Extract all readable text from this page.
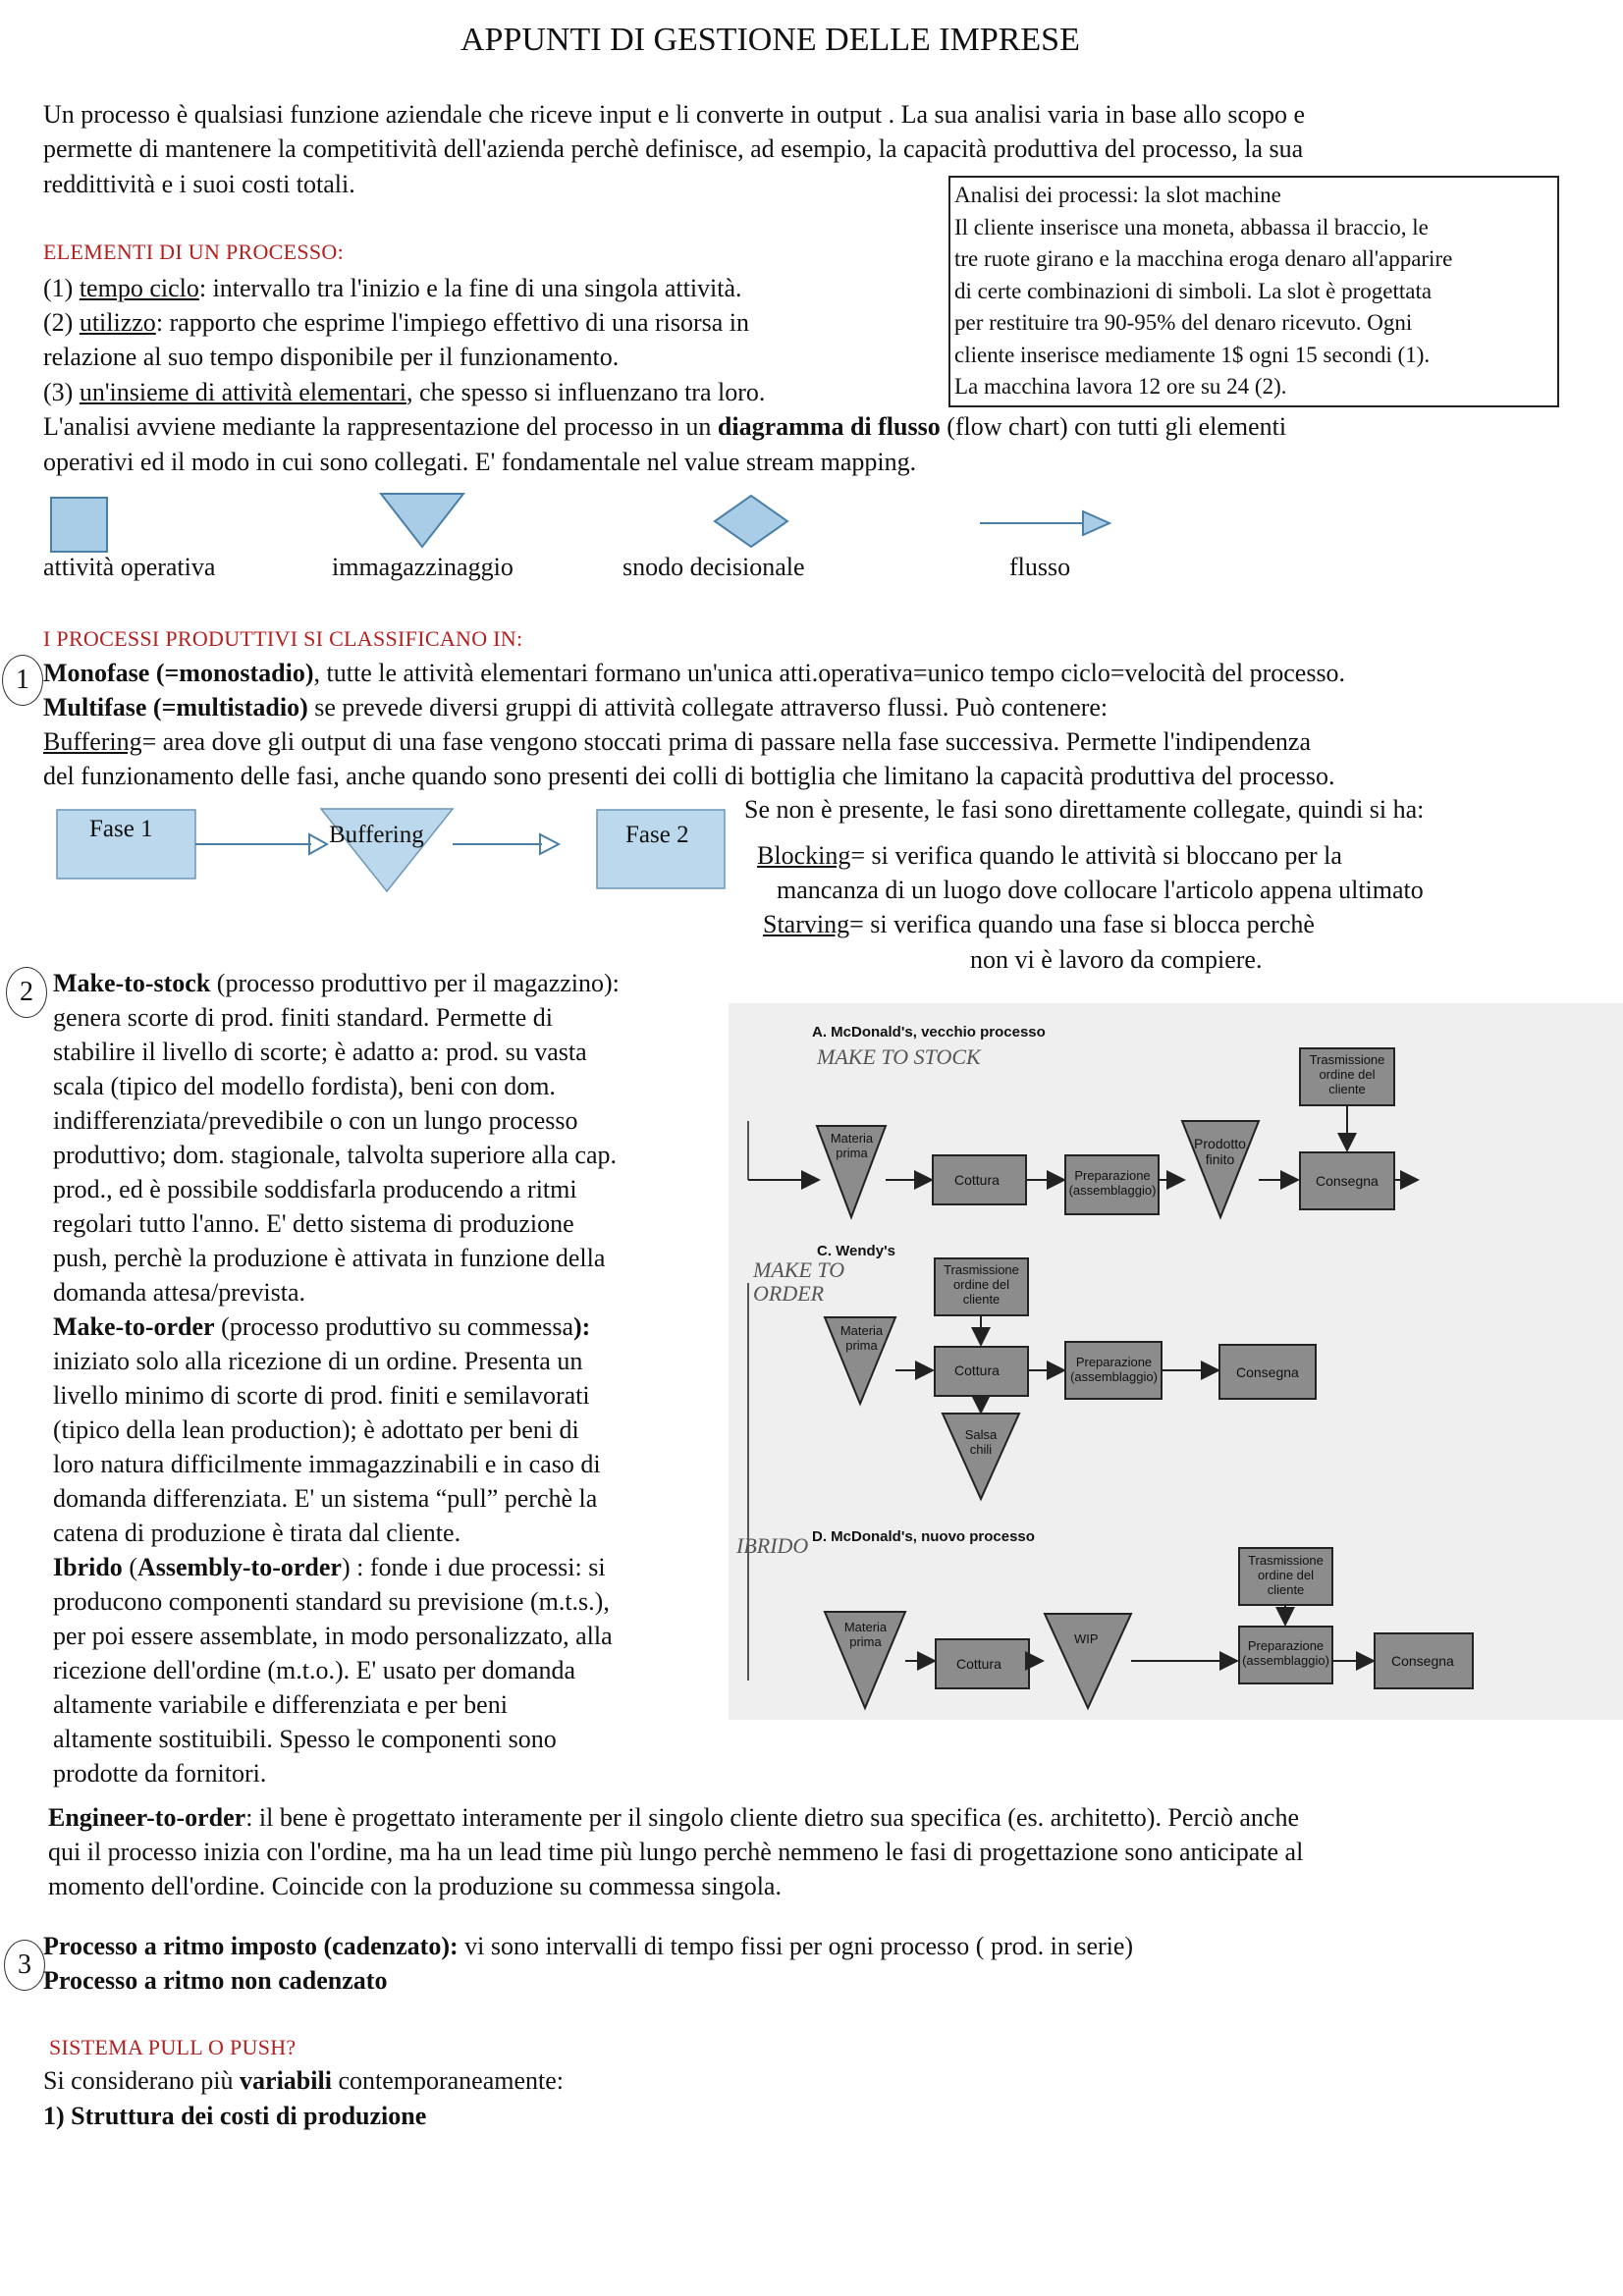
APPUNTI DI GESTIONE DELLE IMPRESE
Un processo è qualsiasi funzione aziendale che riceve input e li converte in output . La sua analisi varia in base allo scopo e
permette di mantenere la competitività dell'azienda perchè definisce, ad esempio, la capacità produttiva del processo, la sua
reddittività e i suoi costi totali.	Analisi dei processi: la slot machine
Il cliente inserisce una moneta, abbassa il braccio, le
tre ruote girano e la macchina eroga denaro all'apparire
di certe combinazioni di simboli. La slot è progettata
per restituire tra 90-95% del denaro ricevuto. Ogni
cliente inserisce mediamente 1$ ogni 15 secondi (1).
La macchina lavora 12 ore su 24 (2).
ELEMENTI DI UN PROCESSO:
(1) tempo ciclo: intervallo tra l'inizio e la fine di una singola attività.
(2) utilizzo: rapporto che esprime l'impiego effettivo di una risorsa in
relazione al suo tempo disponibile per il funzionamento.
(3) un'insieme di attività elementari, che spesso si influenzano tra loro.
L'analisi avviene mediante la rappresentazione del processo in un diagramma di flusso (flow chart) con tutti gli elementi
operativi ed il modo in cui sono collegati. E' fondamentale nel value stream mapping.
attività operativa	immagazzinaggio	snodo decisionale	flusso
I PROCESSI PRODUTTIVI SI CLASSIFICANO IN:
1 Monofase (=monostadio), tutte le attività elementari formano un'unica atti.operativa=unico tempo ciclo=velocità del processo.
Multifase (=multistadio) se prevede diversi gruppi di attività collegate attraverso flussi. Può contenere:
Buffering= area dove gli output di una fase vengono stoccati prima di passare nella fase successiva. Permette l'indipendenza
del funzionamento delle fasi, anche quando sono presenti dei colli di bottiglia che limitano la capacità produttiva del processo.
Se non è presente, le fasi sono direttamente collegate, quindi si ha:
Fase 1	Buffering	Fase 2
Blocking= si verifica quando le attività si bloccano per la
mancanza di un luogo dove collocare l'articolo appena ultimato
Starving= si verifica quando una fase si blocca perchè
non vi è lavoro da compiere.
2 Make-to-stock (processo produttivo per il magazzino):
genera scorte di prod. finiti standard. Permette di
stabilire il livello di scorte; è adatto a: prod. su vasta
scala (tipico del modello fordista), beni con dom.
indifferenziata/prevedibile o con un lungo processo
produttivo; dom. stagionale, talvolta superiore alla cap.
prod., ed è possibile soddisfarla producendo a ritmi
regolari tutto l'anno. E' detto sistema di produzione
push, perchè la produzione è attivata in funzione della
domanda attesa/prevista.
Make-to-order (processo produttivo su commessa):
iniziato solo alla ricezione di un ordine. Presenta un
livello minimo di scorte di prod. finiti e semilavorati
(tipico della lean production); è adottato per beni di
loro natura difficilmente immagazzinabili e in caso di
domanda differenziata. E' un sistema “pull” perchè la
catena di produzione è tirata dal cliente.
Ibrido (Assembly-to-order) : fonde i due processi: si
producono componenti standard su previsione (m.t.s.),
per poi essere assemblate, in modo personalizzato, alla
ricezione dell'ordine (m.t.o.). E' usato per domanda
altamente variabile e differenziata e per beni
altamente sostituibili. Spesso le componenti sono
prodotte da fornitori.
A. McDonald's, vecchio processo
MAKE TO STOCK
Materia prima
Cottura	Preparazione (assemblaggio)
Prodotto finito
Consegna
Trasmissione ordine del cliente
C. Wendy's
MAKE TO ORDER
Trasmissione ordine del cliente
Materia prima
Cottura
Preparazione (assemblaggio)	Consegna
Salsa chili
D. McDonald's, nuovo processo
IBRIDO
Trasmissione ordine del cliente
Materia prima
Cottura
WIP	Preparazione (assemblaggio)	Consegna
Engineer-to-order: il bene è progettato interamente per il singolo cliente dietro sua specifica (es. architetto). Perciò anche
qui il processo inizia con l'ordine, ma ha un lead time più lungo perchè nemmeno le fasi di progettazione sono anticipate al
momento dell'ordine. Coincide con la produzione su commessa singola.
3
Processo a ritmo imposto (cadenzato): vi sono intervalli di tempo fissi per ogni processo ( prod. in serie)
Processo a ritmo non cadenzato
SISTEMA PULL O PUSH?
Si considerano più variabili contemporaneamente:
1) Struttura dei costi di produzione
